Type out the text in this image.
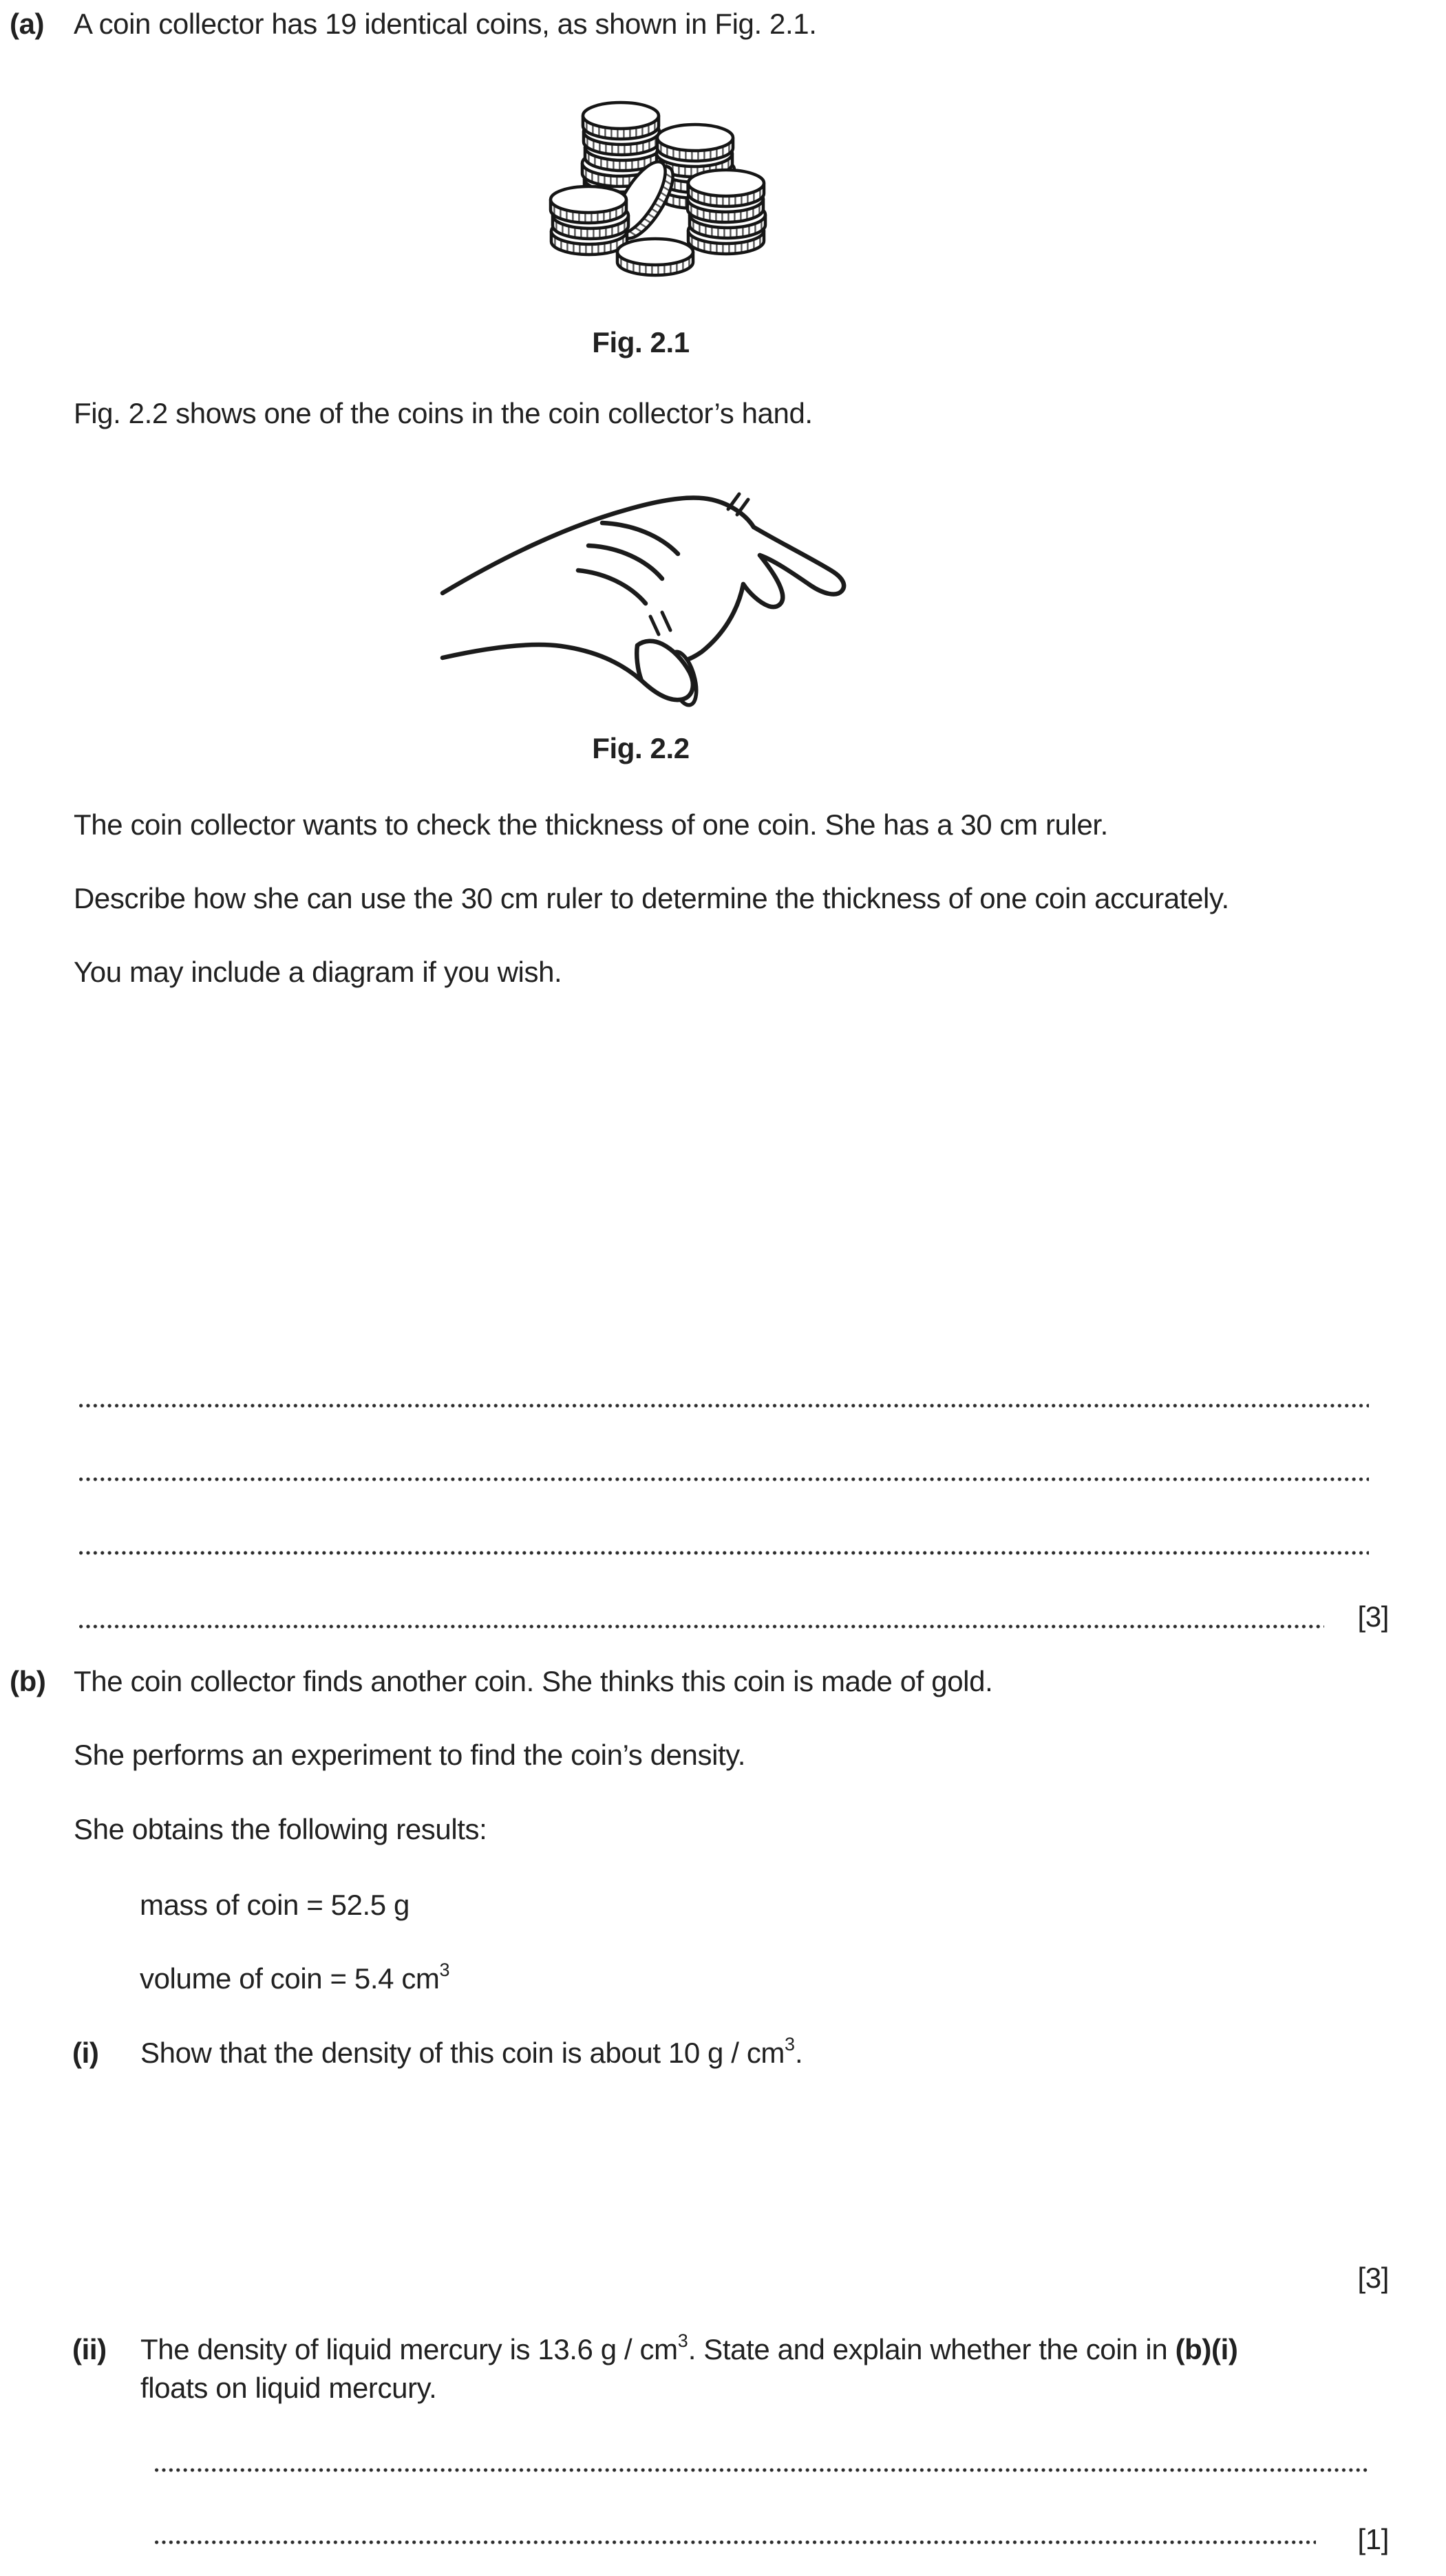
(a)	A coin collector has 19 identical coins, as shown in Fig. 2.1.
Fig. 2.1
Fig. 2.2 shows one of the coins in the coin collector’s hand.
Fig. 2.2
The coin collector wants to check the thickness of one coin. She has a 30 cm ruler.
Describe how she can use the 30 cm ruler to determine the thickness of one coin accurately.
You may include a diagram if you wish.
[3]
(b) The coin collector finds another coin. She thinks this coin is made of gold.
She performs an experiment to find the coin’s density.
She obtains the following results:
mass of coin = 52.5 g
volume of coin = 5.4 $cm^3$
(i)	Show that the density of this coin is about 10 g / $cm^3$.
[3]
(ii)	The density of liquid mercury is 13.6 g / $cm^3$. State and explain whether the coin in (b)(i)
floats on liquid mercury.
[1]
